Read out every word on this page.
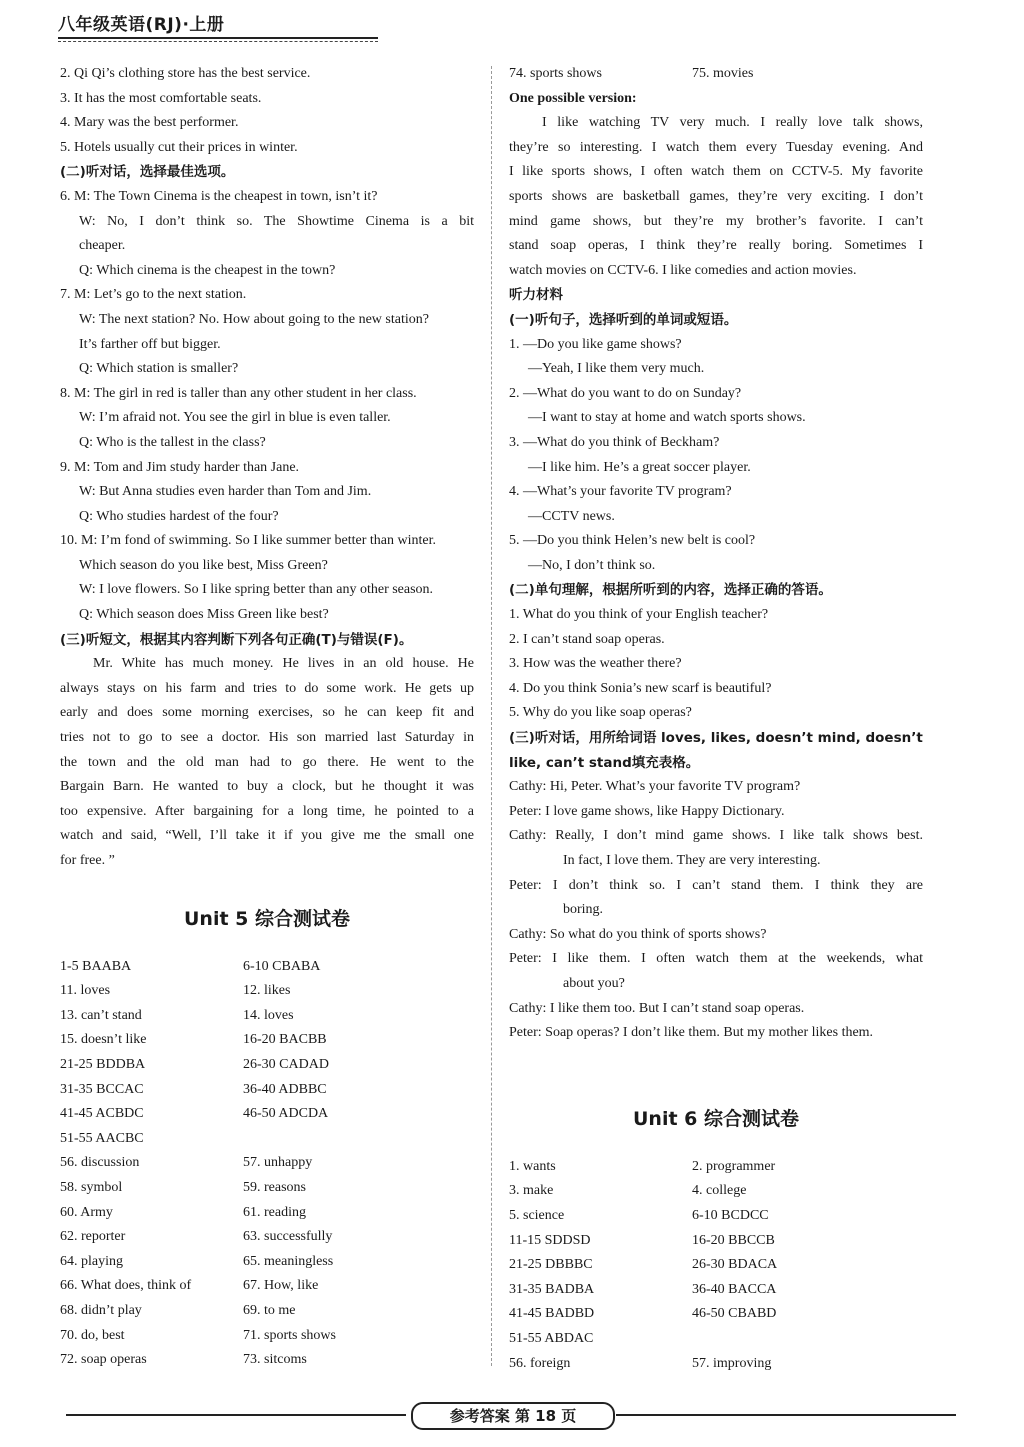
八年级英语(RJ)·上册
2. Qi Qi’s clothing store has the best service.
3. It has the most comfortable seats.
4. Mary was the best performer.
5. Hotels usually cut their prices in winter.
(二)听对话，选择最佳选项。
6. M: The Town Cinema is the cheapest in town, isn’t it?
W: No, I don’t think so. The Showtime Cinema is a bit
cheaper.
Q: Which cinema is the cheapest in the town?
7. M: Let’s go to the next station.
W: The next station? No. How about going to the new station?
It’s farther off but bigger.
Q: Which station is smaller?
8. M: The girl in red is taller than any other student in her class.
W: I’m afraid not. You see the girl in blue is even taller.
Q: Who is the tallest in the class?
9. M: Tom and Jim study harder than Jane.
W: But Anna studies even harder than Tom and Jim.
Q: Who studies hardest of the four?
10. M: I’m fond of swimming. So I like summer better than winter.
Which season do you like best, Miss Green?
W: I love flowers. So I like spring better than any other season.
Q: Which season does Miss Green like best?
(三)听短文，根据其内容判断下列各句正确(T)与错误(F)。
Mr. White has much money. He lives in an old house. He
always stays on his farm and tries to do some work. He gets up
early and does some morning exercises, so he can keep fit and
tries not to go to see a doctor. His son married last Saturday in
the town and the old man had to go there. He went to the
Bargain Barn. He wanted to buy a clock, but he thought it was
too expensive. After bargaining for a long time, he pointed to a
watch and said, “Well, I’ll take it if you give me the small one
for free. ”
Unit 5 综合测试卷
1-5 BAABA	6-10 CBABA
11. loves	12. likes
13. can’t stand	14. loves
15. doesn’t like	16-20 BACBB
21-25 BDDBA	26-30 CADAD
31-35 BCCAC	36-40 ADBBC
41-45 ACBDC	46-50 ADCDA
51-55 AACBC
56. discussion	57. unhappy
58. symbol	59. reasons
60. Army	61. reading
62. reporter	63. successfully
64. playing	65. meaningless
66. What does, think of	67. How, like
68. didn’t play	69. to me
70. do, best	71. sports shows
72. soap operas	73. sitcoms
74. sports shows	75. movies
One possible version:
I like watching TV very much. I really love talk shows,
they’re so interesting. I watch them every Tuesday evening. And
I like sports shows, I often watch them on CCTV-5. My favorite
sports shows are basketball games, they’re very exciting. I don’t
mind game shows, but they’re my brother’s favorite. I can’t
stand soap operas, I think they’re really boring. Sometimes I
watch movies on CCTV-6. I like comedies and action movies.
听力材料
(一)听句子，选择听到的单词或短语。
1. —Do you like game shows?
—Yeah, I like them very much.
2. —What do you want to do on Sunday?
—I want to stay at home and watch sports shows.
3. —What do you think of Beckham?
—I like him. He’s a great soccer player.
4. —What’s your favorite TV program?
—CCTV news.
5. —Do you think Helen’s new belt is cool?
—No, I don’t think so.
(二)单句理解，根据所听到的内容，选择正确的答语。
1. What do you think of your English teacher?
2. I can’t stand soap operas.
3. How was the weather there?
4. Do you think Sonia’s new scarf is beautiful?
5. Why do you like soap operas?
(三)听对话，用所给词语 loves, likes, doesn’t mind, doesn’t
like, can’t stand填充表格。
Cathy: Hi, Peter. What’s your favorite TV program?
Peter: I love game shows, like Happy Dictionary.
Cathy: Really, I don’t mind game shows. I like talk shows best.
In fact, I love them. They are very interesting.
Peter: I don’t think so. I can’t stand them. I think they are
boring.
Cathy: So what do you think of sports shows?
Peter: I like them. I often watch them at the weekends, what
about you?
Cathy: I like them too. But I can’t stand soap operas.
Peter: Soap operas? I don’t like them. But my mother likes them.
Unit 6 综合测试卷
1. wants	2. programmer
3. make	4. college
5. science	6-10 BCDCC
11-15 SDDSD	16-20 BBCCB
21-25 DBBBC	26-30 BDACA
31-35 BADBA	36-40 BACCA
41-45 BADBD	46-50 CBABD
51-55 ABDAC
56. foreign	57. improving
参考答案 第 18 页
